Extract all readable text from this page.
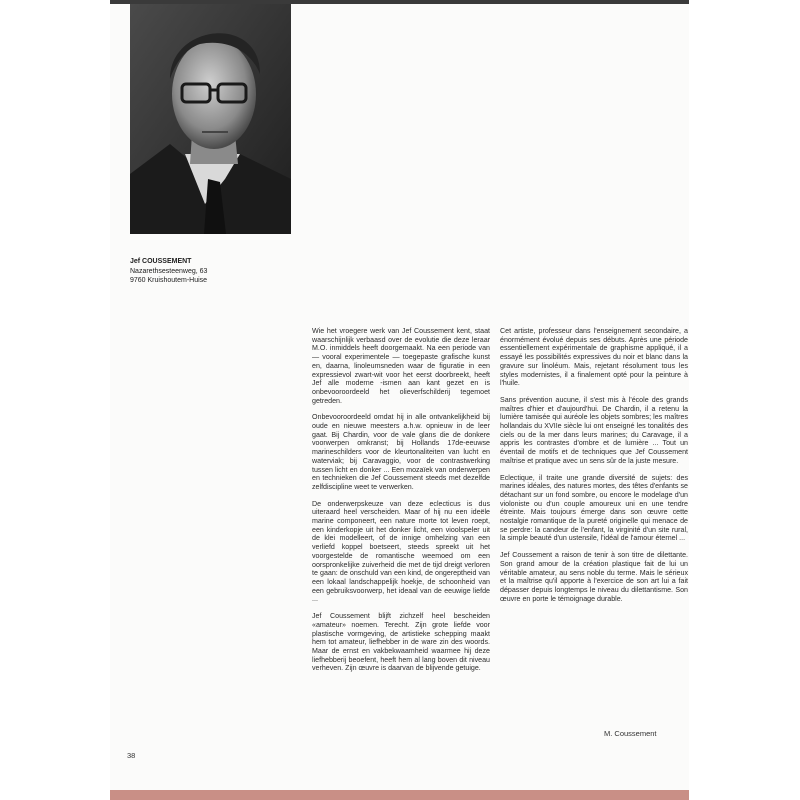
Jef COUSSEMENT
Nazarethsesteenweg, 63
9760 Kruishoutem-Huise

Wie het vroegere werk van Jef Coussement kent, staat waarschijnlijk verbaasd over de evolutie die deze leraar M.O. inmiddels heeft doorgemaakt. Na een periode van — vooral experimentele — toegepaste grafische kunst en, daarna, linoleumsneden waar de figuratie in een expressievol zwart-wit voor het eerst doorbreekt, heeft Jef alle moderne -ismen aan kant gezet en is onbevooroordeeld het olieverfschilderij tegemoet getreden.

Onbevooroordeeld omdat hij in alle ontvankelijkheid bij oude en nieuwe meesters a.h.w. opnieuw in de leer gaat. Bij Chardin, voor de vale glans die de donkere voorwerpen omkranst; bij Hollands 17de-eeuwse marineschilders voor de kleurtonaliteiten van lucht en waterviak; bij Caravaggio, voor de contrastwerking tussen licht en donker ... Een mozaïek van onderwerpen en technieken die Jef Coussement steeds met dezelfde zelfdiscipline weet te verwerken.

De onderwerpskeuze van deze eclecticus is dus uiteraard heel verscheiden. Maar of hij nu een ideële marine componeert, een nature morte tot leven roept, een kinderkopje uit het donker licht, een vioolspeler uit de klei modelleert, of de innige omhelzing van een verliefd koppel boetseert, steeds spreekt uit het voorgestelde de romantische weemoed om een oorspronkelijke zuiverheid die met de tijd dreigt verloren te gaan: de onschuld van een kind, de ongereptheid van een lokaal landschappelijk hoekje, de schoonheid van een gebruiksvoorwerp, het ideaal van de eeuwige liefde ...

Jef Coussement blijft zichzelf heel bescheiden «amateur» noemen. Terecht. Zijn grote liefde voor plastische vormgeving, de artistieke schepping maakt hem tot amateur, liefhebber in de ware zin des woords. Maar de ernst en vakbekwaamheid waarmee hij deze liefhebberij beoefent, heeft hem al lang boven dit niveau verheven. Zijn œuvre is daarvan de blijvende getuige.

Cet artiste, professeur dans l'enseignement secondaire, a énormément évolué depuis ses débuts. Après une période essentiellement expérimentale de graphisme appliqué, il a essayé les possibilités expressives du noir et blanc dans la gravure sur linoléum. Mais, rejetant résolument tous les styles modernistes, il a finalement opté pour la peinture à l'huile.

Sans prévention aucune, il s'est mis à l'école des grands maîtres d'hier et d'aujourd'hui. De Chardin, il a retenu la lumière tamisée qui auréole les objets sombres; les maîtres hollandais du XVIIe siècle lui ont enseigné les tonalités des ciels ou de la mer dans leurs marines; du Caravage, il a appris les contrastes d'ombre et de lumière ... Tout un éventail de motifs et de techniques que Jef Coussement maîtrise et pratique avec un sens sûr de la juste mesure.

Eclectique, il traite une grande diversité de sujets: des marines idéales, des natures mortes, des têtes d'enfants se détachant sur un fond sombre, ou encore le modelage d'un violoniste ou d'un couple amoureux uni en une tendre étreinte. Mais toujours émerge dans son œuvre cette nostalgie romantique de la pureté originelle qui menace de se perdre: la candeur de l'enfant, la virginité d'un site rural, la simple beauté d'un ustensile, l'idéal de l'amour éternel ...

Jef Coussement a raison de tenir à son titre de dilettante. Son grand amour de la création plastique fait de lui un véritable amateur, au sens noble du terme. Mais le sérieux et la maîtrise qu'il apporte à l'exercice de son art lui a fait dépasser depuis longtemps le niveau du dilettantisme. Son œuvre en porte le témoignage durable.

M. Coussement
38
